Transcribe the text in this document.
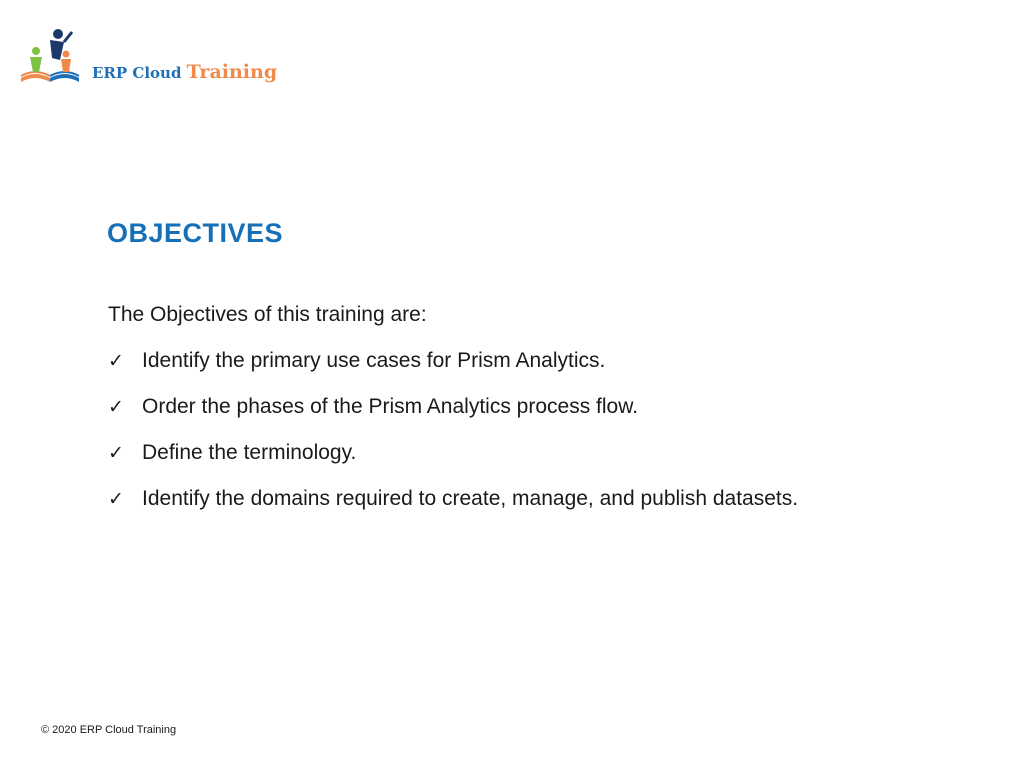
ERP Cloud Training
OBJECTIVES

The Objectives of this training are:

✓ Identify the primary use cases for Prism Analytics.
✓ Order the phases of the Prism Analytics process flow.
✓ Define the terminology.
✓ Identify the domains required to create, manage, and publish datasets.
© 2020 ERP Cloud Training
